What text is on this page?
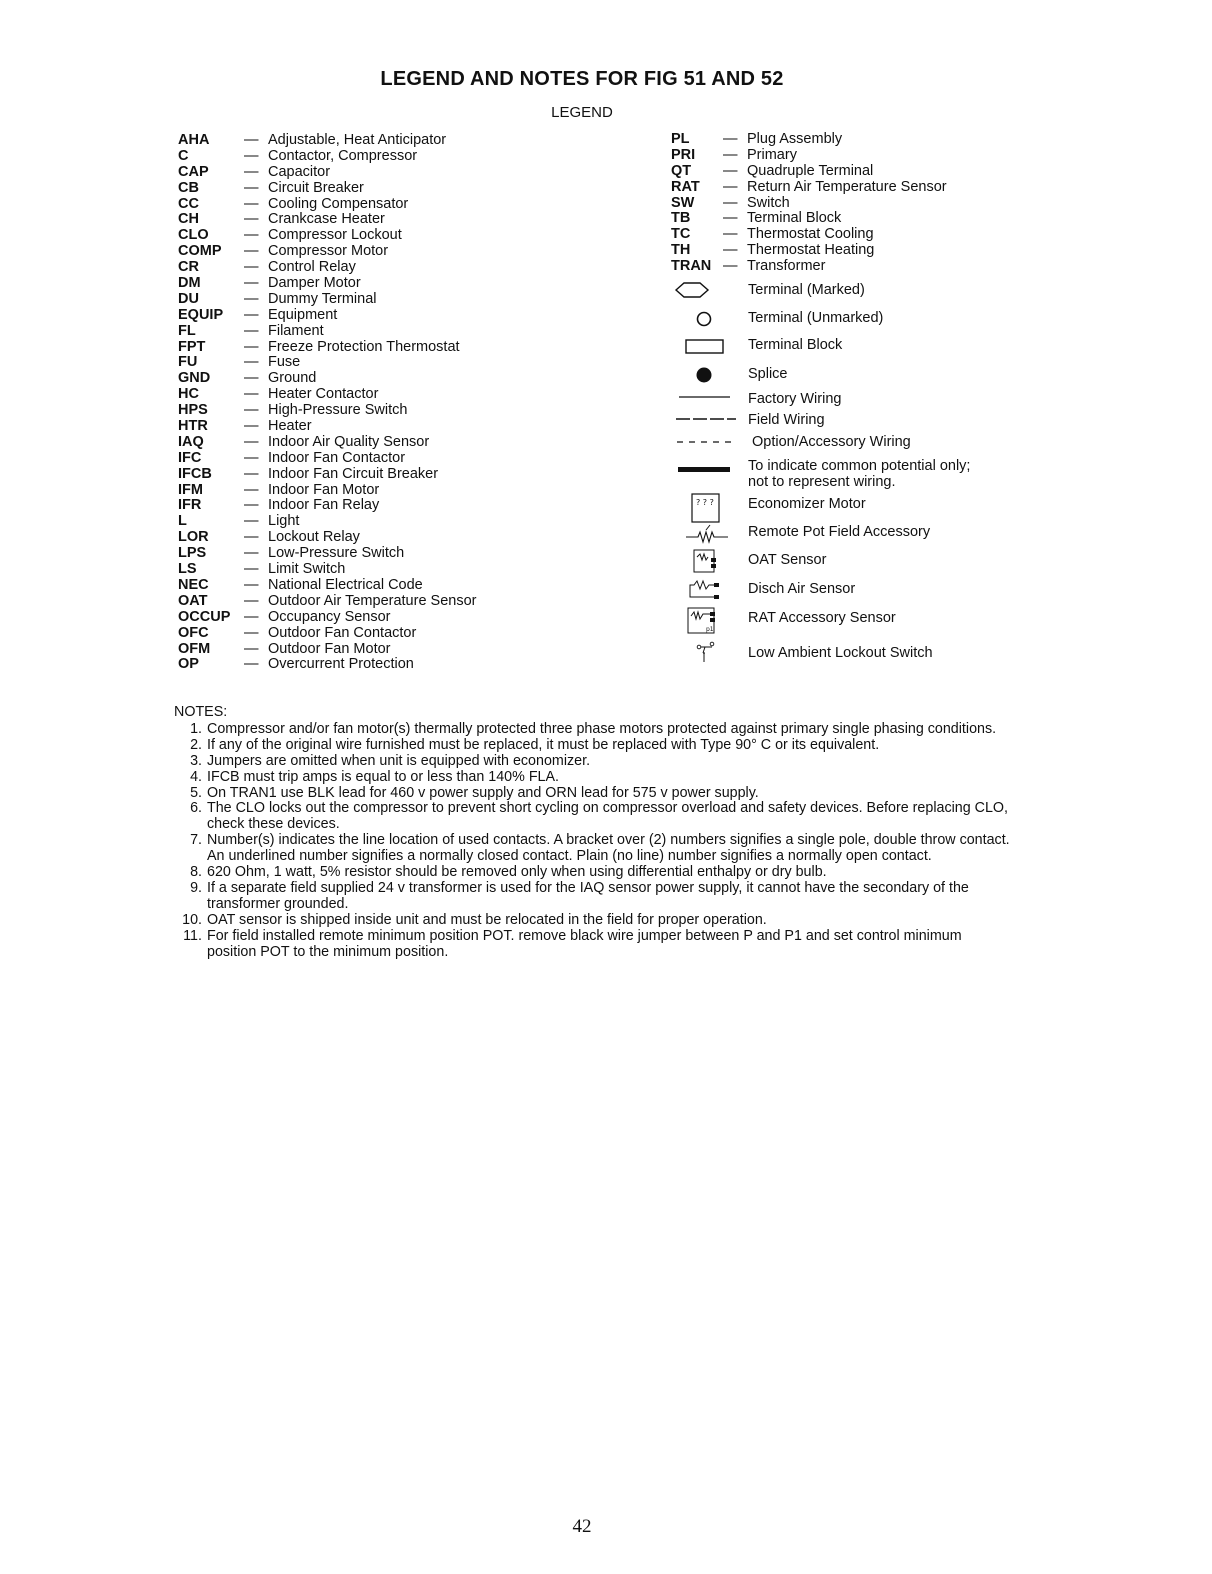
LEGEND AND NOTES FOR FIG 51 AND 52
LEGEND
AHA — Adjustable, Heat Anticipator
C	— Contactor, Compressor
CAP — Capacitor
CB	— Circuit Breaker
CC	— Cooling Compensator
CH	— Crankcase Heater
CLO — Compressor Lockout
COMP — Compressor Motor
CR	— Control Relay
DM	— Damper Motor
DU	— Dummy Terminal
EQUIP — Equipment
FL	— Filament
FPT	— Freeze Protection Thermostat
FU	— Fuse
GND — Ground
HC	— Heater Contactor
HPS — High-Pressure Switch
HTR — Heater
IAQ	— Indoor Air Quality Sensor
IFC	— Indoor Fan Contactor
IFCB — Indoor Fan Circuit Breaker
IFM	— Indoor Fan Motor
IFR	— Indoor Fan Relay
L	— Light
LOR — Lockout Relay
LPS	— Low-Pressure Switch
LS	— Limit Switch
NEC — National Electrical Code
OAT	— Outdoor Air Temperature Sensor
OCCUP — Occupancy Sensor
OFC — Outdoor Fan Contactor
OFM — Outdoor Fan Motor
OP	— Overcurrent Protection
PL — Plug Assembly
PRI — Primary
QT — Quadruple Terminal
RAT — Return Air Temperature Sensor
SW — Switch
TB — Terminal Block
TC — Thermostat Cooling
TH — Thermostat Heating
TRAN — Transformer
Terminal (Marked)
Terminal (Unmarked)
Terminal Block
Splice
Factory Wiring
Field Wiring
Option/Accessory Wiring
To indicate common potential only;
not to represent wiring.
? ? ? Economizer Motor
Remote Pot Field Accessory
OAT Sensor
Disch Air Sensor
p1
RAT Accessory Sensor
Low Ambient Lockout Switch
NOTES:
1. Compressor and/or fan motor(s) thermally protected three phase motors protected against primary single phasing conditions.
2. If any of the original wire furnished must be replaced, it must be replaced with Type 90° C or its equivalent.
3. Jumpers are omitted when unit is equipped with economizer.
4. IFCB must trip amps is equal to or less than 140% FLA.
5. On TRAN1 use BLK lead for 460 v power supply and ORN lead for 575 v power supply.
6. The CLO locks out the compressor to prevent short cycling on compressor overload and safety devices. Before replacing CLO, check these devices.
7. Number(s) indicates the line location of used contacts. A bracket over (2) numbers signifies a single pole, double throw contact. An underlined number signifies a normally closed contact. Plain (no line) number signifies a normally open contact.
8. 620 Ohm, 1 watt, 5% resistor should be removed only when using differential enthalpy or dry bulb.
9. If a separate field supplied 24 v transformer is used for the IAQ sensor power supply, it cannot have the secondary of the transformer grounded.
10. OAT sensor is shipped inside unit and must be relocated in the field for proper operation.
11. For field installed remote minimum position POT. remove black wire jumper between P and P1 and set control minimum position POT to the minimum position.
42
